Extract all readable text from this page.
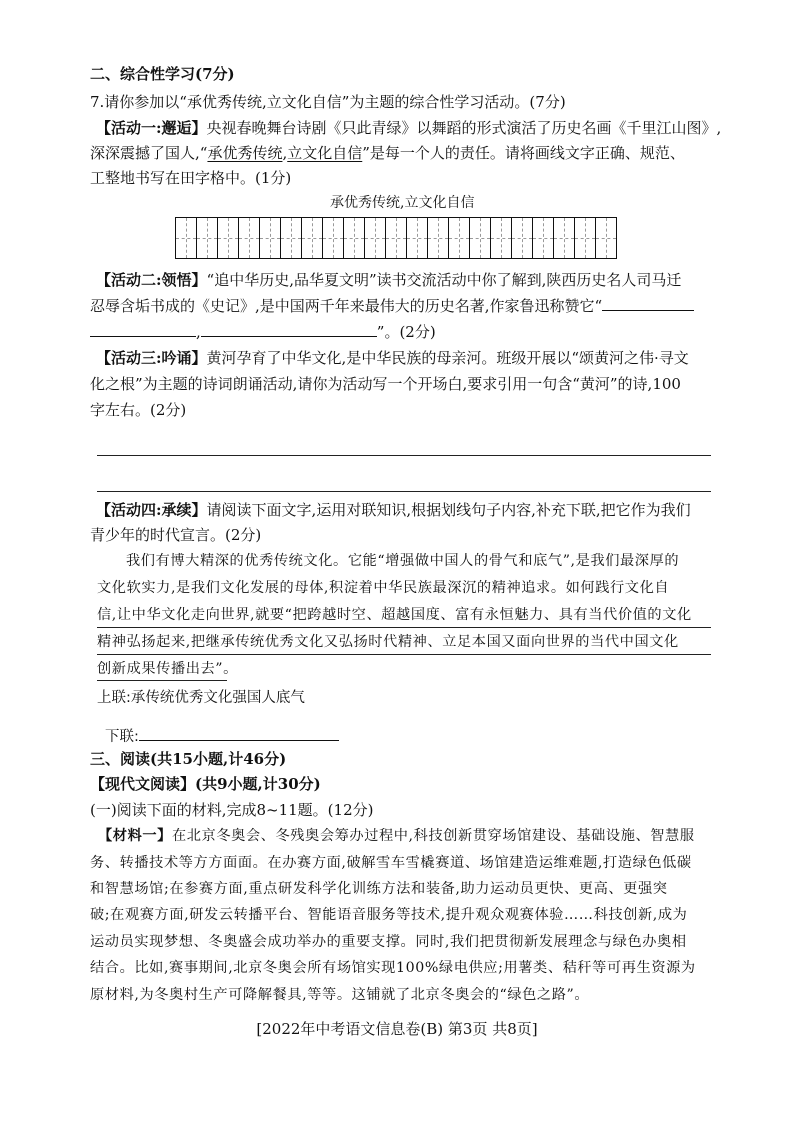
二、综合性学习(7分)
7.请你参加以“承优秀传统,立文化自信”为主题的综合性学习活动。(7分)
【活动一:邂逅】央视春晚舞台诗剧《只此青绿》以舞蹈的形式演活了历史名画《千里江山图》,
深深震撼了国人,“承优秀传统,立文化自信”是每一个人的责任。请将画线文字正确、规范、
工整地书写在田字格中。(1分)
承优秀传统,立文化自信
【活动二:领悟】“追中华历史,品华夏文明”读书交流活动中你了解到,陕西历史名人司马迁
忍辱含垢书成的《史记》,是中国两千年来最伟大的历史名著,作家鲁迅称赞它“
,	”。(2分)
【活动三:吟诵】黄河孕育了中华文化,是中华民族的母亲河。班级开展以“颂黄河之伟·寻文
化之根”为主题的诗词朗诵活动,请你为活动写一个开场白,要求引用一句含“黄河”的诗,100
字左右。(2分)
【活动四:承续】请阅读下面文字,运用对联知识,根据划线句子内容,补充下联,把它作为我们
青少年的时代宣言。(2分)
我们有博大精深的优秀传统文化。它能“增强做中国人的骨气和底气”,是我们最深厚的
文化软实力,是我们文化发展的母体,积淀着中华民族最深沉的精神追求。如何践行文化自
信,让中华文化走向世界,就要“把跨越时空、超越国度、富有永恒魅力、具有当代价值的文化
精神弘扬起来,把继承传统优秀文化又弘扬时代精神、立足本国又面向世界的当代中国文化
创新成果传播出去”。
上联:承传统优秀文化强国人底气
下联:
三、阅读(共15小题,计46分)
【现代文阅读】(共9小题,计30分)
(一)阅读下面的材料,完成8~11题。(12分)
【材料一】在北京冬奥会、冬残奥会筹办过程中,科技创新贯穿场馆建设、基础设施、智慧服
务、转播技术等方方面面。在办赛方面,破解雪车雪橇赛道、场馆建造运维难题,打造绿色低碳
和智慧场馆;在参赛方面,重点研发科学化训练方法和装备,助力运动员更快、更高、更强突
破;在观赛方面,研发云转播平台、智能语音服务等技术,提升观众观赛体验……科技创新,成为
运动员实现梦想、冬奥盛会成功举办的重要支撑。同时,我们把贯彻新发展理念与绿色办奥相
结合。比如,赛事期间,北京冬奥会所有场馆实现100%绿电供应;用薯类、秸秆等可再生资源为
原材料,为冬奥村生产可降解餐具,等等。这铺就了北京冬奥会的“绿色之路”。
[2022年中考语文信息卷(B) 第3页 共8页]
